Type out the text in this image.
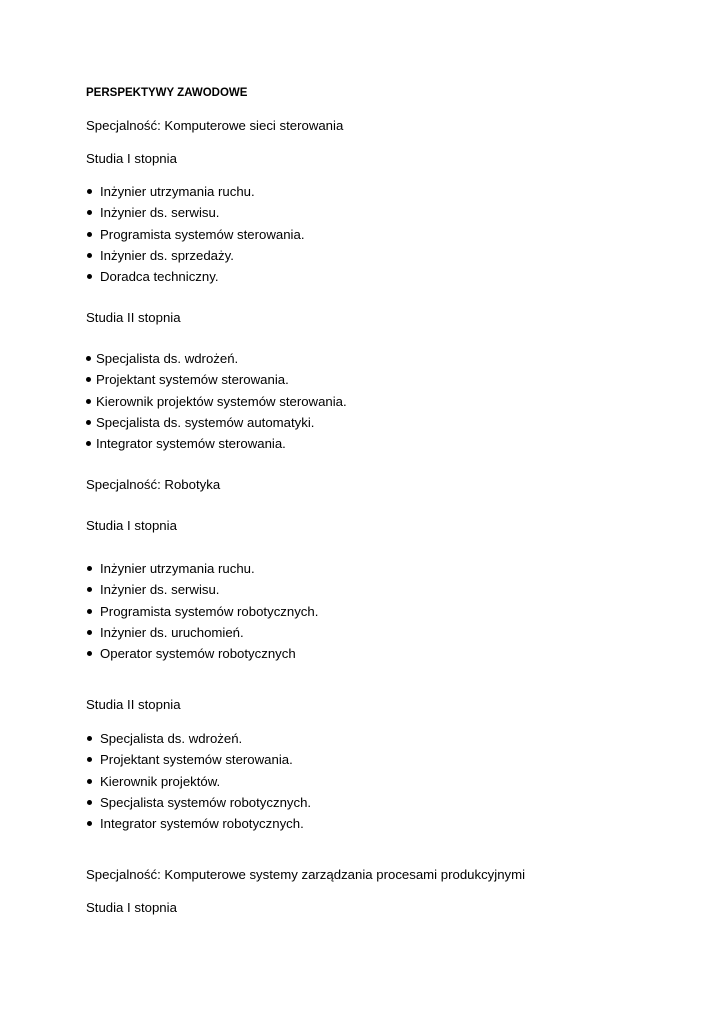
PERSPEKTYWY ZAWODOWE
Specjalność: Komputerowe sieci sterowania
Studia I stopnia
Inżynier utrzymania ruchu.
Inżynier ds. serwisu.
Programista systemów sterowania.
Inżynier ds. sprzedaży.
Doradca techniczny.
Studia II stopnia
Specjalista ds. wdrożeń.
Projektant systemów sterowania.
Kierownik projektów systemów sterowania.
Specjalista ds. systemów automatyki.
Integrator systemów sterowania.
Specjalność: Robotyka
Studia I stopnia
Inżynier utrzymania ruchu.
Inżynier ds. serwisu.
Programista systemów robotycznych.
Inżynier ds. uruchomień.
Operator systemów robotycznych
Studia II stopnia
Specjalista ds. wdrożeń.
Projektant systemów sterowania.
Kierownik projektów.
Specjalista systemów robotycznych.
Integrator systemów robotycznych.
Specjalność: Komputerowe systemy zarządzania procesami produkcyjnymi
Studia I stopnia
